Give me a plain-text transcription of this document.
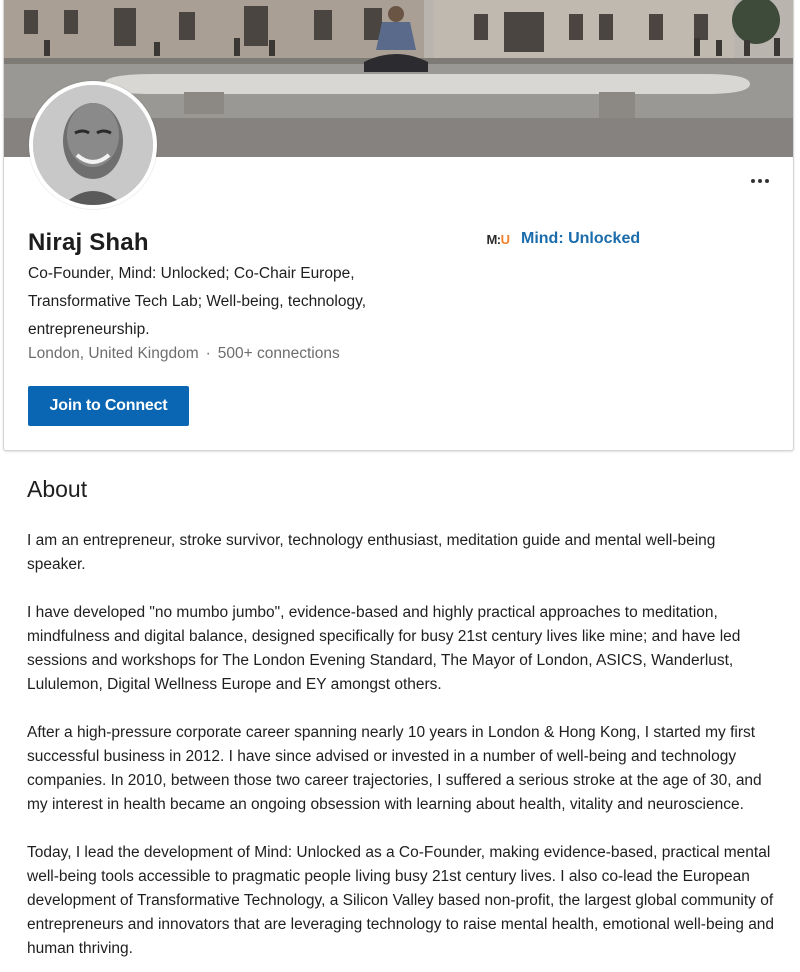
Niraj Shah
Co-Founder, Mind: Unlocked; Co-Chair Europe, Transformative Tech Lab; Well-being, technology, entrepreneurship.
London, United Kingdom · 500+ connections
M : U Mind: Unlocked
Join to Connect
About

I am an entrepreneur, stroke survivor, technology enthusiast, meditation guide and mental well-being speaker.

I have developed "no mumbo jumbo", evidence-based and highly practical approaches to meditation, mindfulness and digital balance, designed specifically for busy 21st century lives like mine; and have led sessions and workshops for The London Evening Standard, The Mayor of London, ASICS, Wanderlust, Lululemon, Digital Wellness Europe and EY amongst others.

After a high-pressure corporate career spanning nearly 10 years in London & Hong Kong, I started my first successful business in 2012. I have since advised or invested in a number of well-being and technology companies. In 2010, between those two career trajectories, I suffered a serious stroke at the age of 30, and my interest in health became an ongoing obsession with learning about health, vitality and neuroscience.

Today, I lead the development of Mind: Unlocked as a Co-Founder, making evidence-based, practical mental well-being tools accessible to pragmatic people living busy 21st century lives. I also co-lead the European development of Transformative Technology, a Silicon Valley based non-profit, the largest global community of entrepreneurs and innovators that are leveraging technology to raise mental health, emotional well-being and human thriving.
